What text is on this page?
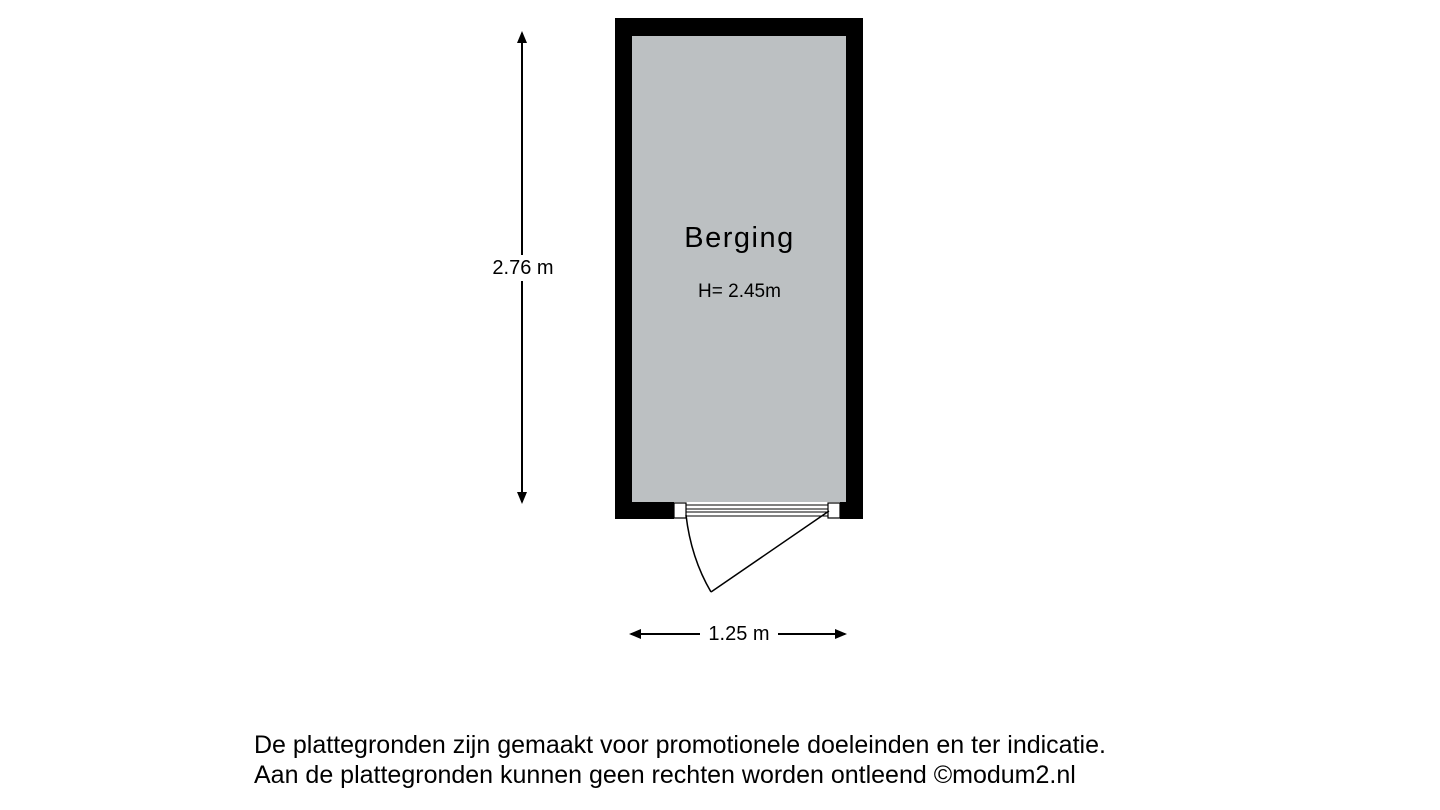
Berging
H= 2.45m
2.76 m
1.25 m
De plattegronden zijn gemaakt voor promotionele doeleinden en ter indicatie.
Aan de plattegronden kunnen geen rechten worden ontleend ©modum2.nl
